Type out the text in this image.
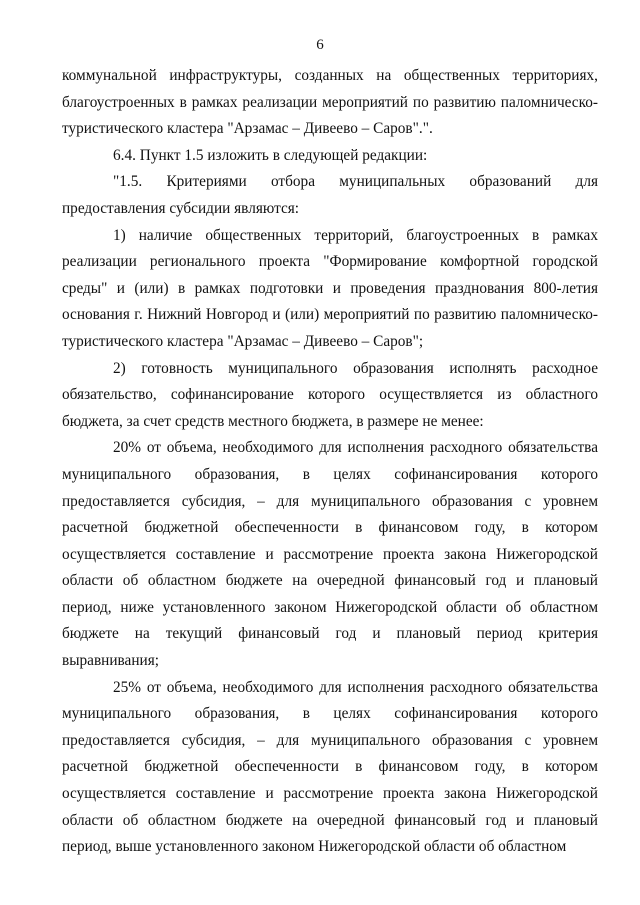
6

коммунальной инфраструктуры, созданных на общественных территориях, благоустроенных в рамках реализации мероприятий по развитию паломническо-туристического кластера "Арзамас – Дивеево – Саров".".

6.4. Пункт 1.5 изложить в следующей редакции:

"1.5. Критериями отбора муниципальных образований для предоставления субсидии являются:

1) наличие общественных территорий, благоустроенных в рамках реализации регионального проекта "Формирование комфортной городской среды" и (или) в рамках подготовки и проведения празднования 800-летия основания г. Нижний Новгород и (или) мероприятий по развитию паломническо-туристического кластера "Арзамас – Дивеево – Саров";

2) готовность муниципального образования исполнять расходное обязательство, софинансирование которого осуществляется из областного бюджета, за счет средств местного бюджета, в размере не менее:

20% от объема, необходимого для исполнения расходного обязательства муниципального образования, в целях софинансирования которого предоставляется субсидия, – для муниципального образования с уровнем расчетной бюджетной обеспеченности в финансовом году, в котором осуществляется составление и рассмотрение проекта закона Нижегородской области об областном бюджете на очередной финансовый год и плановый период, ниже установленного законом Нижегородской области об областном бюджете на текущий финансовый год и плановый период критерия выравнивания;

25% от объема, необходимого для исполнения расходного обязательства муниципального образования, в целях софинансирования которого предоставляется субсидия, – для муниципального образования с уровнем расчетной бюджетной обеспеченности в финансовом году, в котором осуществляется составление и рассмотрение проекта закона Нижегородской области об областном бюджете на очередной финансовый год и плановый период, выше установленного законом Нижегородской области об областном
